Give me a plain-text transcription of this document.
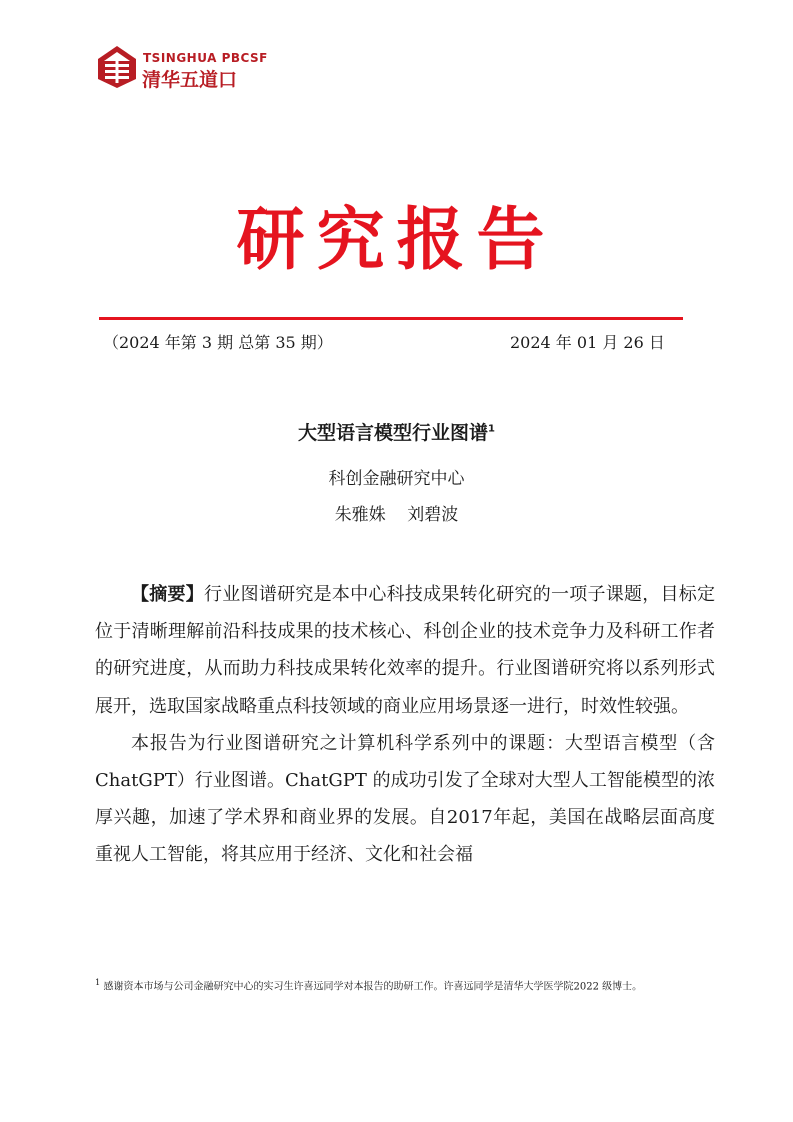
TSINGHUA PBCSF
清华五道口
研究报告
（2024 年第 3 期 总第 35 期）	2024 年 01 月 26 日
大型语言模型行业图谱$^1$
科创金融研究中心
朱雅姝    刘碧波

【摘要】行业图谱研究是本中心科技成果转化研究的一项子课题，目标定位于清晰理解前沿科技成果的技术核心、科创企业的技术竞争力及科研工作者的研究进度，从而助力科技成果转化效率的提升。行业图谱研究将以系列形式展开，选取国家战略重点科技领域的商业应用场景逐一进行，时效性较强。

本报告为行业图谱研究之计算机科学系列中的课题：大型语言模型（含 ChatGPT）行业图谱。ChatGPT 的成功引发了全球对大型人工智能模型的浓厚兴趣，加速了学术界和商业界的发展。自2017年起，美国在战略层面高度重视人工智能，将其应用于经济、文化和社会福

$^1$ 感谢资本市场与公司金融研究中心的实习生许喜远同学对本报告的助研工作。许喜远同学是清华大学医学院2022 级博士。
